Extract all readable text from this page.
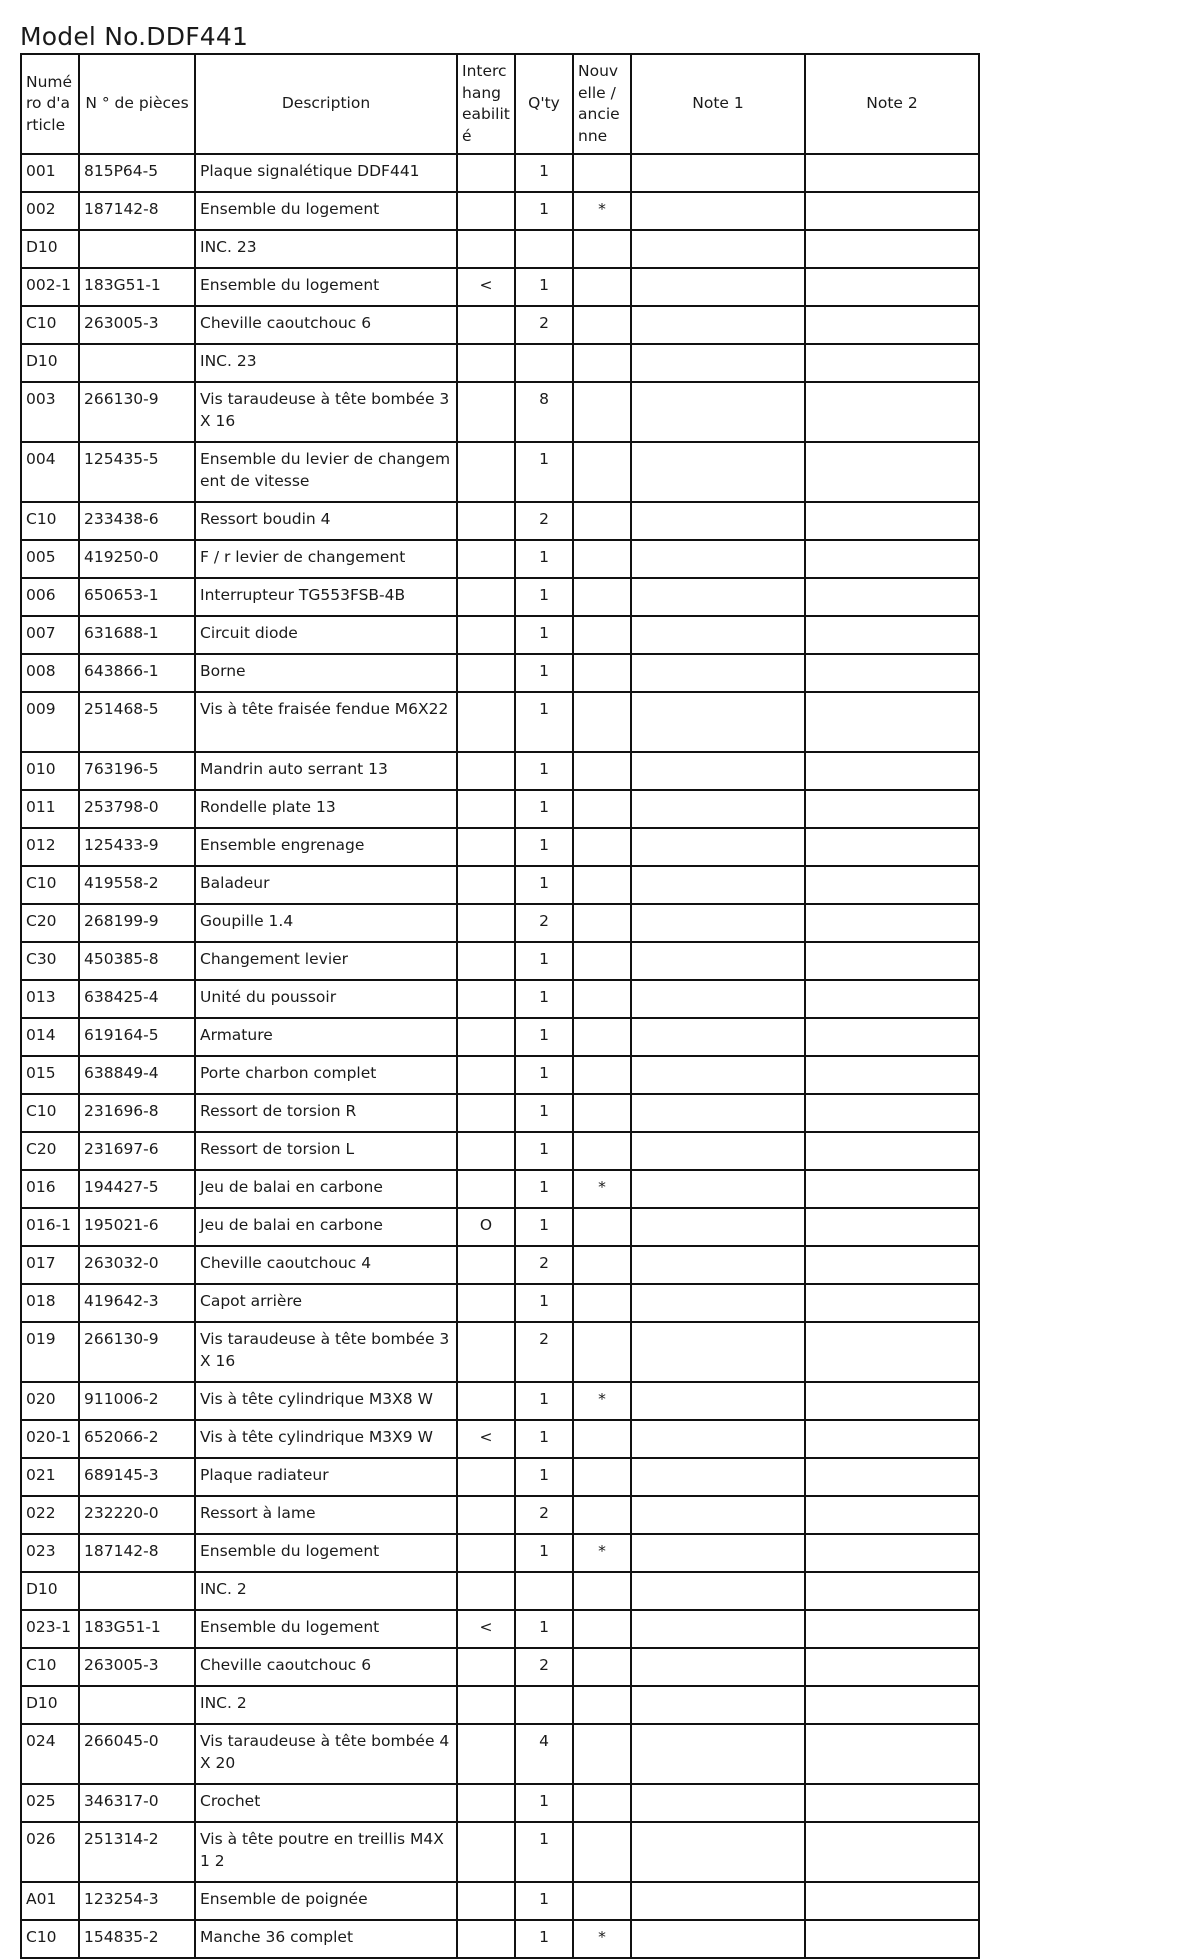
Model No.DDF441
Numé ro d'a rticle	N ° de pièces	Description	Interc hang eabilit é	Q'ty	Nouv elle / ancie nne	Note 1	Note 2
001	815P64-5	Plaque signalétique DDF441		1			
002	187142-8	Ensemble du logement		1	*		
D10		INC. 23					
002-1	183G51-1	Ensemble du logement	<	1			
C10	263005-3	Cheville caoutchouc 6		2			
D10		INC. 23					
003	266130-9	Vis taraudeuse à tête bombée 3X 16		8			
004	125435-5	Ensemble du levier de changem ent de vitesse		1			
C10	233438-6	Ressort boudin 4		2			
005	419250-0	F / r levier de changement		1			
006	650653-1	Interrupteur TG553FSB-4B		1			
007	631688-1	Circuit diode		1			
008	643866-1	Borne		1			
009	251468-5	Vis à tête fraisée fendue M6X22		1			
010	763196-5	Mandrin auto serrant 13		1			
011	253798-0	Rondelle plate 13		1			
012	125433-9	Ensemble engrenage		1			
C10	419558-2	Baladeur		1			
C20	268199-9	Goupille 1.4		2			
C30	450385-8	Changement levier		1			
013	638425-4	Unité du poussoir		1			
014	619164-5	Armature		1			
015	638849-4	Porte charbon complet		1			
C10	231696-8	Ressort de torsion R		1			
C20	231697-6	Ressort de torsion L		1			
016	194427-5	Jeu de balai en carbone		1	*		
016-1	195021-6	Jeu de balai en carbone	O	1			
017	263032-0	Cheville caoutchouc 4		2			
018	419642-3	Capot arrière		1			
019	266130-9	Vis taraudeuse à tête bombée 3X 16		2			
020	911006-2	Vis à tête cylindrique M3X8 W		1	*		
020-1	652066-2	Vis à tête cylindrique M3X9 W	<	1			
021	689145-3	Plaque radiateur		1			
022	232220-0	Ressort à lame		2			
023	187142-8	Ensemble du logement		1	*		
D10		INC. 2					
023-1	183G51-1	Ensemble du logement	<	1			
C10	263005-3	Cheville caoutchouc 6		2			
D10		INC. 2					
024	266045-0	Vis taraudeuse à tête bombée 4X 20		4			
025	346317-0	Crochet		1			
026	251314-2	Vis à tête poutre en treillis M4X1 2		1			
A01	123254-3	Ensemble de poignée		1			
C10	154835-2	Manche 36 complet		1	*		
